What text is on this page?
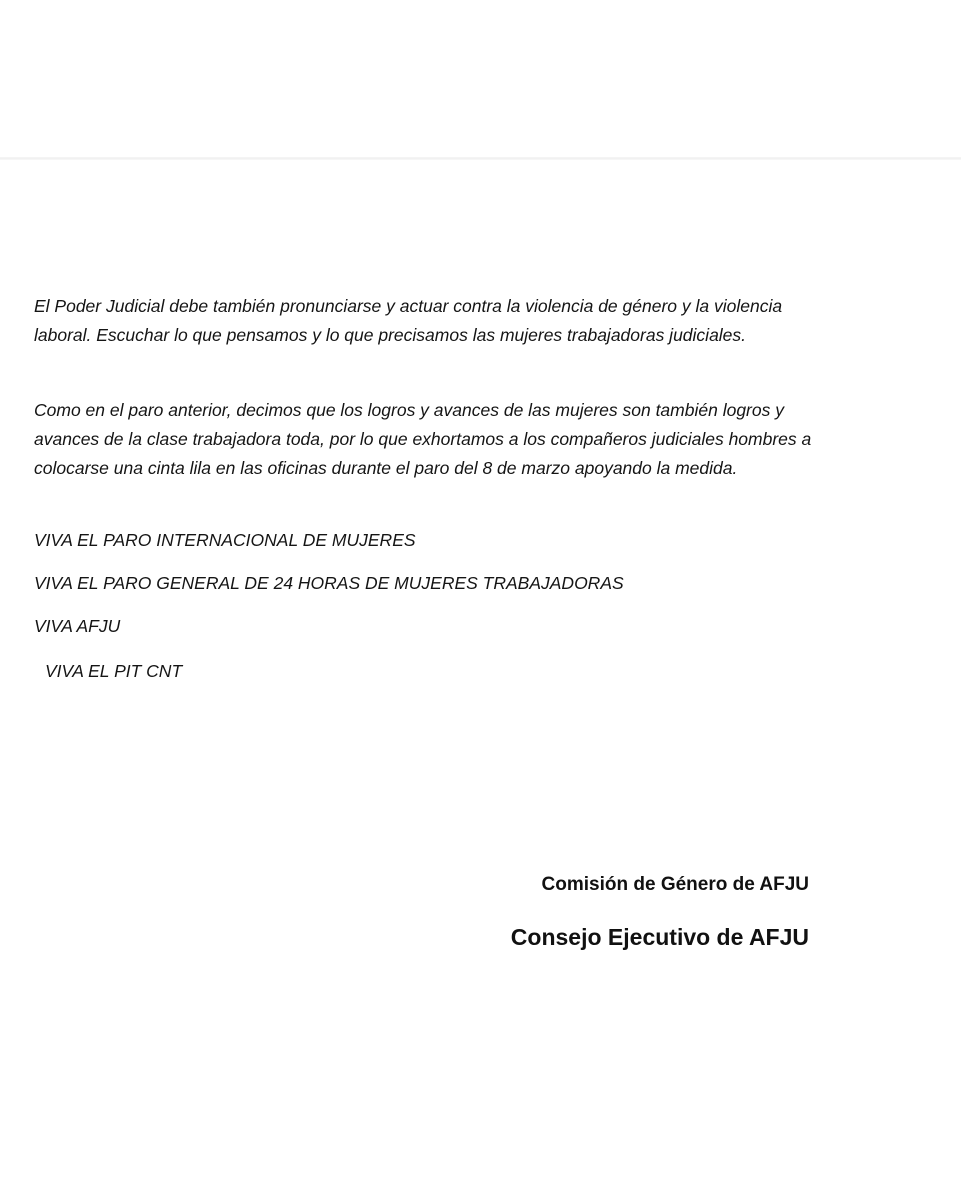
El Poder Judicial debe también pronunciarse y actuar contra la violencia de género y la violencia laboral. Escuchar lo que pensamos y lo que precisamos las mujeres trabajadoras judiciales.

Como en el paro anterior, decimos que los logros y avances de las mujeres son también logros y avances de la clase trabajadora toda, por lo que exhortamos a los compañeros judiciales hombres a colocarse una cinta lila en las oficinas durante el paro del 8 de marzo apoyando la medida.

VIVA EL PARO INTERNACIONAL DE MUJERES
VIVA EL PARO GENERAL DE 24 HORAS DE MUJERES TRABAJADORAS
VIVA AFJU
VIVA EL PIT CNT
Comisión de Género de AFJU
Consejo Ejecutivo de AFJU
